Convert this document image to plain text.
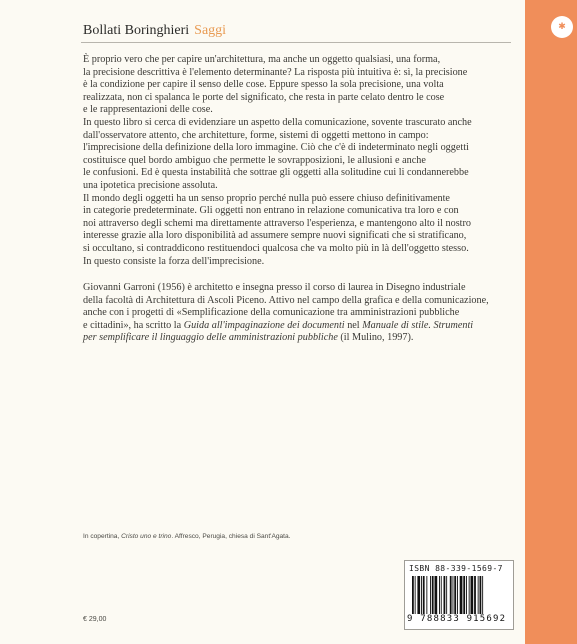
✱
Bollati Boringhieri Saggi

È proprio vero che per capire un'architettura, ma anche un oggetto qualsiasi, una forma,
la precisione descrittiva è l'elemento determinante? La risposta più intuitiva è: sì, la precisione
è la condizione per capire il senso delle cose. Eppure spesso la sola precisione, una volta
realizzata, non ci spalanca le porte del significato, che resta in parte celato dentro le cose
e le rappresentazioni delle cose.
In questo libro si cerca di evidenziare un aspetto della comunicazione, sovente trascurato anche
dall'osservatore attento, che architetture, forme, sistemi di oggetti mettono in campo:
l'imprecisione della definizione della loro immagine. Ciò che c'è di indeterminato negli oggetti
costituisce quel bordo ambiguo che permette le sovrapposizioni, le allusioni e anche
le confusioni. Ed è questa instabilità che sottrae gli oggetti alla solitudine cui li condannerebbe
una ipotetica precisione assoluta.
Il mondo degli oggetti ha un senso proprio perché nulla può essere chiuso definitivamente
in categorie predeterminate. Gli oggetti non entrano in relazione comunicativa tra loro e con
noi attraverso degli schemi ma direttamente attraverso l'esperienza, e mantengono alto il nostro
interesse grazie alla loro disponibilità ad assumere sempre nuovi significati che si stratificano,
si occultano, si contraddicono restituendoci qualcosa che va molto più in là dell'oggetto stesso.
In questo consiste la forza dell'imprecisione.

Giovanni Garroni (1956) è architetto e insegna presso il corso di laurea in Disegno industriale
della facoltà di Architettura di Ascoli Piceno. Attivo nel campo della grafica e della comunicazione,
anche con i progetti di «Semplificazione della comunicazione tra amministrazioni pubbliche
e cittadini», ha scritto la Guida all'impaginazione dei documenti nel Manuale di stile. Strumenti
per semplificare il linguaggio delle amministrazioni pubbliche (il Mulino, 1997).

In copertina, Cristo uno e trino. Affresco, Perugia, chiesa di Sant'Agata.
€ 29,00
ISBN 88-339-1569-7
9 788833 915692
